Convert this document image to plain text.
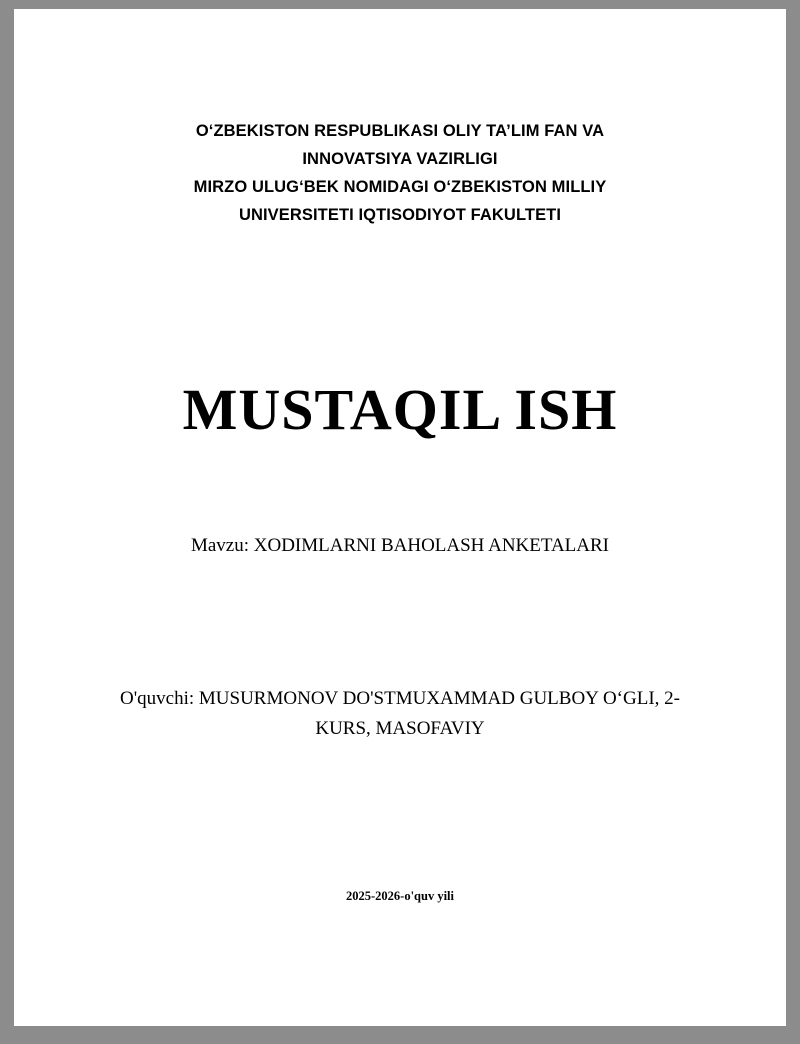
O‘ZBEKISTON RESPUBLIKASI OLIY TA’LIM FAN VA
INNOVATSIYA VAZIRLIGI
MIRZO ULUG‘BEK NOMIDAGI O‘ZBEKISTON MILLIY
UNIVERSITETI IQTISODIYOT FAKULTETI
MUSTAQIL ISH
Mavzu: XODIMLARNI BAHOLASH ANKETALARI
O'quvchi: MUSURMONOV DO'STMUXAMMAD GULBOY O‘GLI, 2-
KURS, MASOFAVIY
2025-2026-o'quv yili
